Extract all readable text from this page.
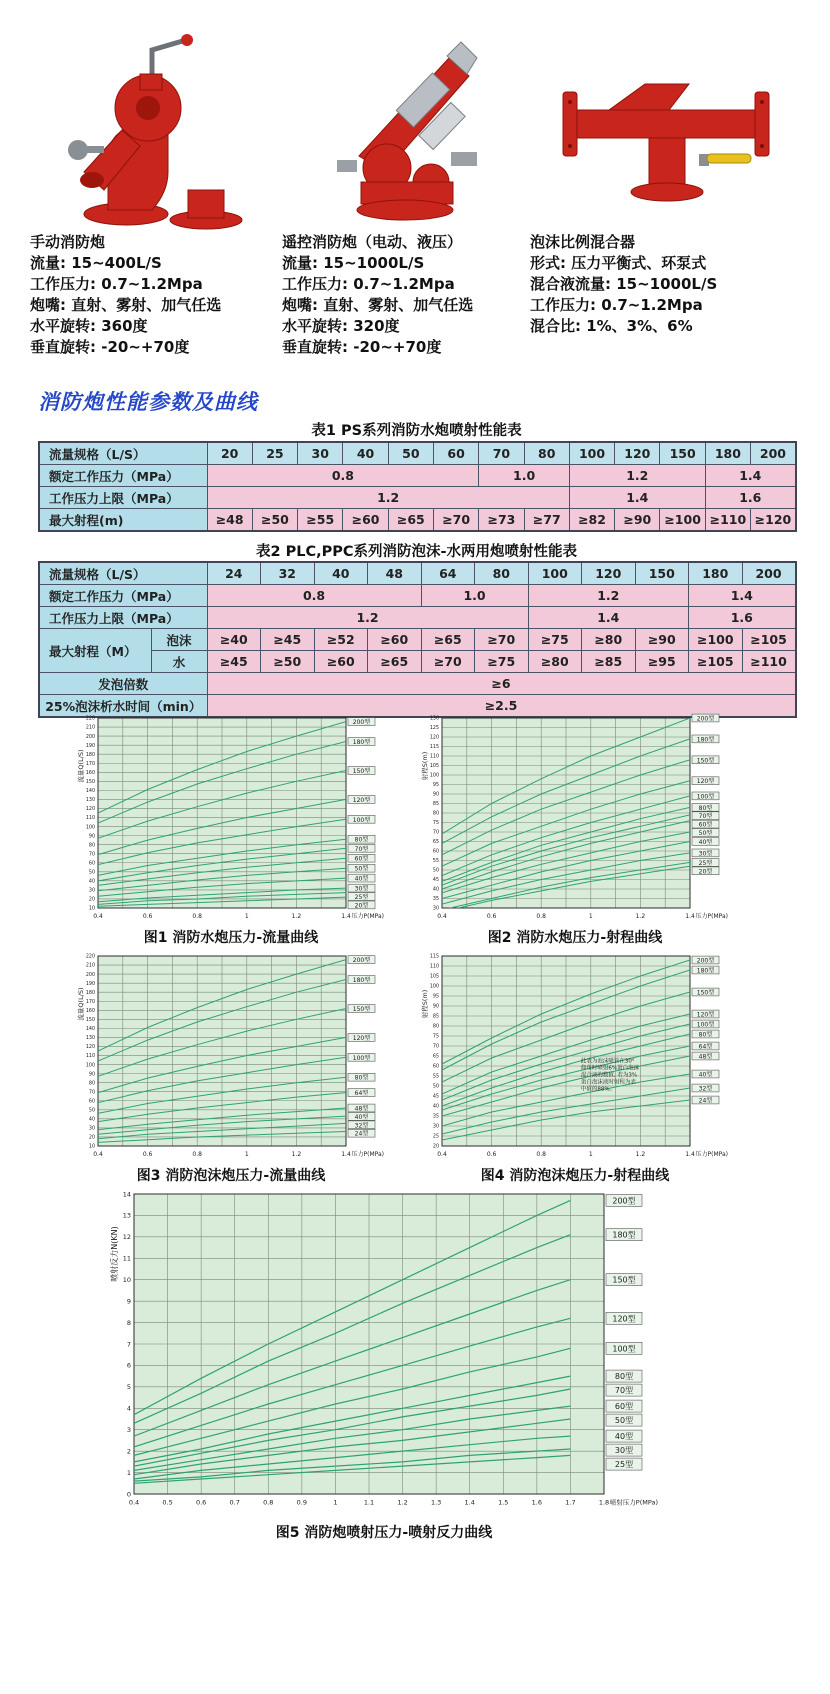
手动消防炮
流量: 15~400L/S
工作压力: 0.7~1.2Mpa
炮嘴: 直射、雾射、加气任选
水平旋转: 360度
垂直旋转: -20~+70度
遥控消防炮（电动、液压）
流量: 15~1000L/S
工作压力: 0.7~1.2Mpa
炮嘴: 直射、雾射、加气任选
水平旋转: 320度
垂直旋转: -20~+70度
泡沫比例混合器
形式: 压力平衡式、环泵式
混合液流量: 15~1000L/S
工作压力: 0.7~1.2Mpa
混合比: 1%、3%、6%
消防炮性能参数及曲线
表1 PS系列消防水炮喷射性能表
流量规格（L/S）	20	25	30	40	50	60	70	80	100	120	150	180	200
额定工作压力（MPa）	0.8						1.0		1.2			1.4	
工作压力上限（MPa）	1.2								1.4			1.6	
最大射程(m)	≥48	≥50	≥55	≥60	≥65	≥70	≥73	≥77	≥82	≥90	≥100	≥110	≥120
表2 PLC,PPC系列消防泡沫-水两用炮喷射性能表
流量规格（L/S）		24	32	40	48	64	80	100	120	150	180	200
额定工作压力（MPa）		0.8				1.0		1.2			1.4	
工作压力上限（MPa）		1.2						1.4			1.6	
最大射程（M）	泡沫	≥40	≥45	≥52	≥60	≥65	≥70	≥75	≥80	≥90	≥100	≥105
	水	≥45	≥50	≥60	≥65	≥70	≥75	≥80	≥85	≥95	≥105	≥110
发泡倍数		≥6										
25%泡沫析水时间（min）		≥2.5										
10
20
30
40
50
60
70
80
90
100
110
120
130
140
150
160
170
180
190
200
210
220
0.4	0.6	0.8	1	1.2	1.4
200型
180型
150型
120型
100型
80型
70型
60型
50型
40型
30型
25型
20型
流量Q(L/S)
压力P(MPa)
图1 消防水炮压力-流量曲线
30
35
40
45
50
55
60
65
70
75
80
85
90
95
100
105
110
115
120
125
130
0.4	0.6	0.8	1	1.2	1.4
200型
180型
150型
120型
100型
80型
70型
60型
50型
40型
30型
25型
20型
射程S(m)
压力P(MPa)
图2 消防水炮压力-射程曲线
10
20
30
40
50
60
70
80
90
100
110
120
130
140
150
160
170
180
190
200
210
220
0.4	0.6	0.8	1	1.2	1.4
200型
180型
150型
120型
100型
80型
64型
48型
40型
32型
24型
流量Q(L/S)
压力P(MPa)
图3 消防泡沫炮压力-流量曲线
20
25
30
35
40
45
50
55
60
65
70
75
80
85
90
95
100
105
110
115
0.4	0.6	0.8	1	1.2	1.4
200型
180型
150型
120型
100型
80型
64型
48型
40型
32型
24型
射程S(m)
压力P(MPa)
此表为泡沫喷管在30°
仰角时喷射6%蛋白泡沫
混合液的数值, 若为3%
蛋白泡沫液时射程为表
中值的88%。
图4 消防泡沫炮压力-射程曲线
0
1
2
3
4
5
6
7
8
9
10
11
12
13
14
0.4	0.5	0.6	0.7	0.8	0.9	1	1.1	1.2	1.3	1.4	1.5	1.6	1.7	1.8
200型
180型
150型
120型
100型
80型
70型
60型
50型
40型
30型
25型
喷射反力N(KN)
喷射压力P(MPa)
图5 消防炮喷射压力-喷射反力曲线
